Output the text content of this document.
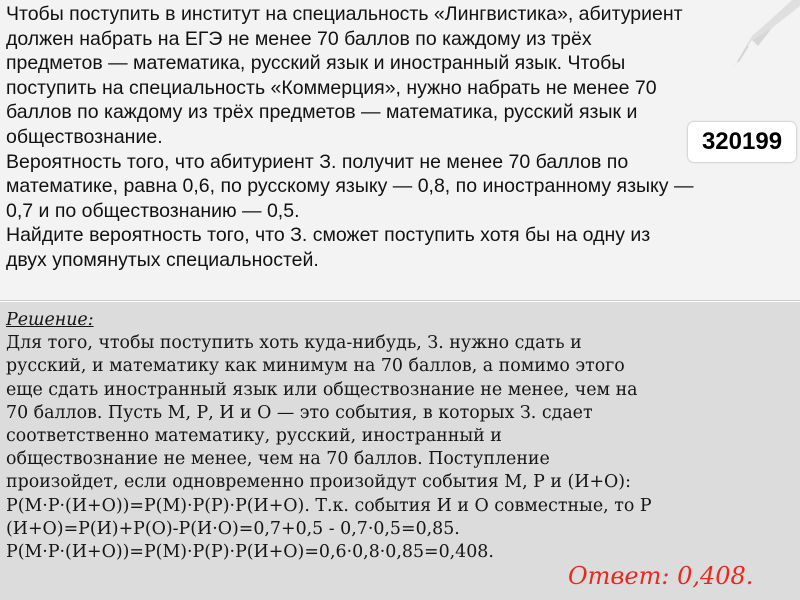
Чтобы поступить в институт на специальность «Лингвистика», абитуриент
должен набрать на ЕГЭ не менее 70 баллов по каждому из трёх
предметов — математика, русский язык и иностранный язык. Чтобы
поступить на специальность «Коммерция», нужно набрать не менее 70
баллов по каждому из трёх предметов — математика, русский язык и
обществознание.
Вероятность того, что абитуриент З. получит не менее 70 баллов по
математике, равна 0,6, по русскому языку — 0,8, по иностранному языку —
0,7 и по обществознанию — 0,5.
Найдите вероятность того, что З. сможет поступить хотя бы на одну из
двух упомянутых специальностей.
320199
Решение:
Для того, чтобы поступить хоть куда-нибудь, З. нужно сдать и
русский, и математику как минимум на 70 баллов, а помимо этого
еще сдать иностранный язык или обществознание не менее, чем на
70 баллов. Пусть М, Р, И и О — это события, в которых З. сдает
соответственно математику, русский, иностранный и
обществознание не менее, чем на 70 баллов. Поступление
произойдет, если одновременно произойдут события М, Р и (И+О):
Р(М·Р·(И+О))=Р(М)·Р(Р)·Р(И+О). Т.к. события И и О совместные, то Р
(И+О)=Р(И)+Р(О)-Р(И·О)=0,7+0,5 - 0,7·0,5=0,85.
Р(М·Р·(И+О))=Р(М)·Р(Р)·Р(И+О)=0,6·0,8·0,85=0,408.
Ответ: 0,408.
